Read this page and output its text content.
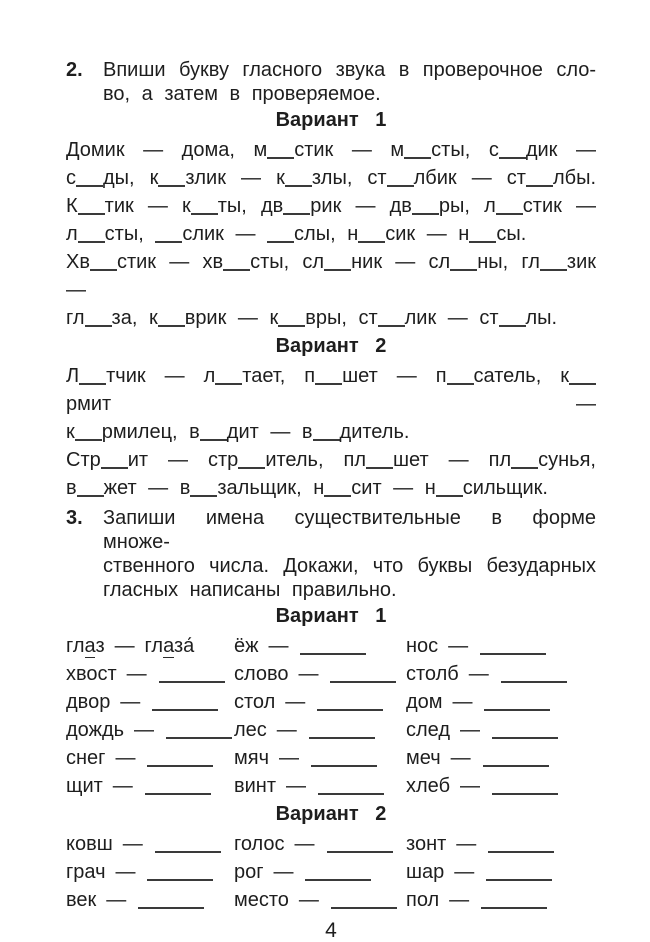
2.	Впиши букву гласного звука в проверочное сло-
во, а затем в проверяемое.
Вариант 1
Домик — дома, м стик — м сты, с дик —
с ды, к злик — к злы, ст лбик — ст лбы.
К тик — к ты, дв рик — дв ры, л стик —
л сты, слик — слы, н сик — н сы.
Хв стик — хв сты, сл ник — сл ны, гл зик —
гл за, к врик — к вры, ст лик — ст лы.
Вариант 2
Л тчик — л тает, п шет — п сатель, крмит —
к рмилец, в дит — в дитель.
Стр ит — стр итель, пл шет — пл сунья,
в жет — в зальщик, н сит — н сильщик.
3.	Запиши имена существительные в форме множе-
ственного числа. Докажи, что буквы безударных
гласных написаны правильно.
Вариант 1
глаз — глаза́
хвост —
двор —
дождь —
снег —
щит —
ёж —
слово —
стол —
лес —
мяч —
винт —
нос —
столб —
дом —
след —
меч —
хлеб —
Вариант 2
ковш —
грач —
век —
голос —
рог —
место —
зонт —
шар —
пол —
4
